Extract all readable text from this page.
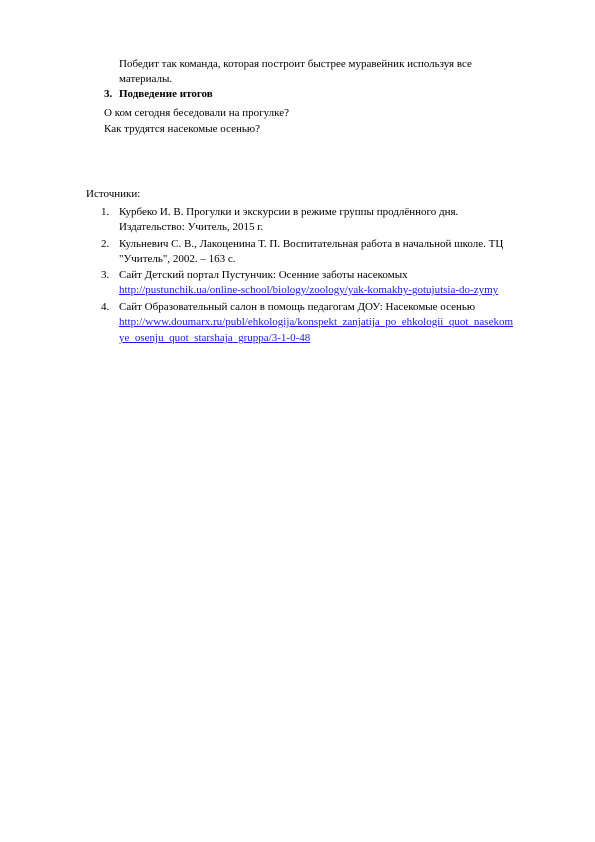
Победит так команда, которая построит быстрее муравейник используя все
материалы.
3. Подведение итогов
О ком сегодня беседовали на прогулке?
Как трудятся насекомые осенью?
Источники:
1. Курбеко И. В. Прогулки и экскурсии в режиме группы продлённого дня.
Издательство: Учитель, 2015 г.
2. Кульневич С. В., Лакоценина Т. П. Воспитательная работа в начальной школе. ТЦ
"Учитель", 2002. – 163 с.
3. Сайт Детский портал Пустунчик: Осенние заботы насекомых
http://pustunchik.ua/online-school/biology/zoology/yak-komakhy-gotujutsia-do-zymy
4. Сайт Образовательный салон в помощь педагогам ДОУ: Насекомые осенью
http://www.doumarx.ru/publ/ehkologija/konspekt_zanjatija_po_ehkologii_quot_nasekom
ye_osenju_quot_starshaja_gruppa/3-1-0-48
